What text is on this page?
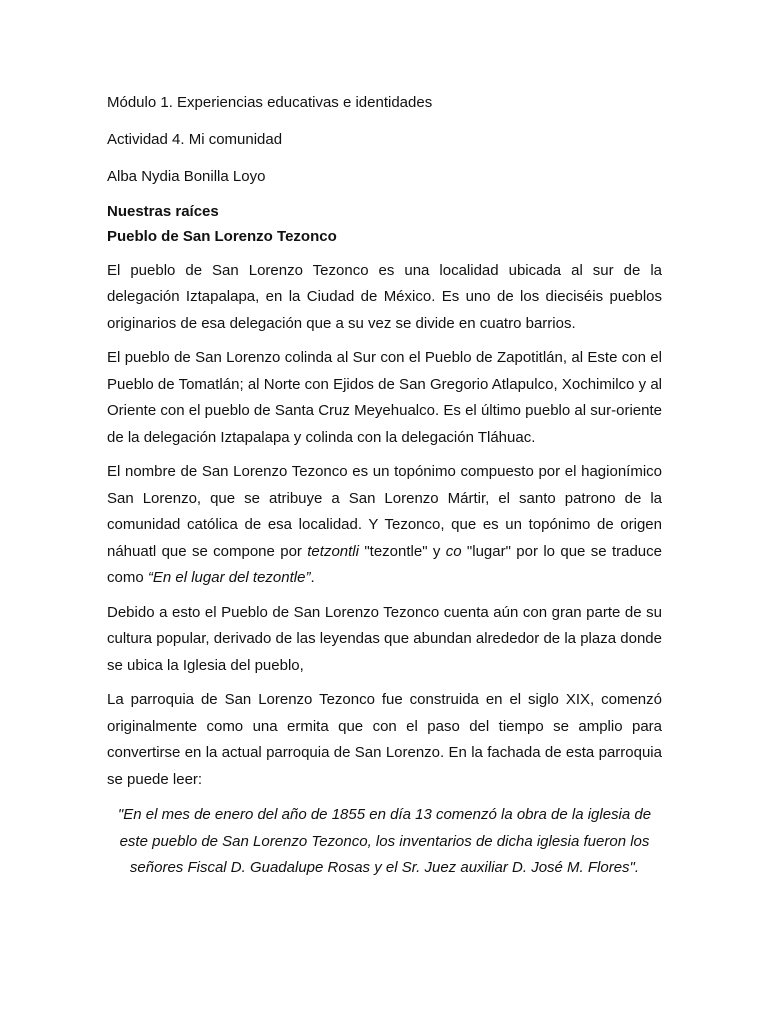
Módulo 1. Experiencias educativas e identidades

Actividad 4. Mi comunidad

Alba Nydia Bonilla Loyo

Nuestras raíces

Pueblo de San Lorenzo Tezonco

El pueblo de San Lorenzo Tezonco es una localidad ubicada al sur de la delegación Iztapalapa, en la Ciudad de México. Es uno de los dieciséis pueblos originarios de esa delegación que a su vez se divide en cuatro barrios.

El pueblo de San Lorenzo colinda al Sur con el Pueblo de Zapotitlán, al Este con el Pueblo de Tomatlán; al Norte con Ejidos de San Gregorio Atlapulco, Xochimilco y al Oriente con el pueblo de Santa Cruz Meyehualco. Es el último pueblo al sur-oriente de la delegación Iztapalapa y colinda con la delegación Tláhuac.

El nombre de San Lorenzo Tezonco es un topónimo compuesto por el hagionímico San Lorenzo, que se atribuye a San Lorenzo Mártir, el santo patrono de la comunidad católica de esa localidad. Y Tezonco, que es un topónimo de origen náhuatl que se compone por tetzontli "tezontle" y co "lugar" por lo que se traduce como “En el lugar del tezontle”.

Debido a esto el Pueblo de San Lorenzo Tezonco cuenta aún con gran parte de su cultura popular, derivado de las leyendas que abundan alrededor de la plaza donde se ubica la Iglesia del pueblo,

La parroquia de San Lorenzo Tezonco fue construida en el siglo XIX, comenzó originalmente como una ermita que con el paso del tiempo se amplio para convertirse en la actual parroquia de San Lorenzo. En la fachada de esta parroquia se puede leer:

"En el mes de enero del año de 1855 en día 13 comenzó la obra de la iglesia de este pueblo de San Lorenzo Tezonco, los inventarios de dicha iglesia fueron los señores Fiscal D. Guadalupe Rosas y el Sr. Juez auxiliar D. José M. Flores".
